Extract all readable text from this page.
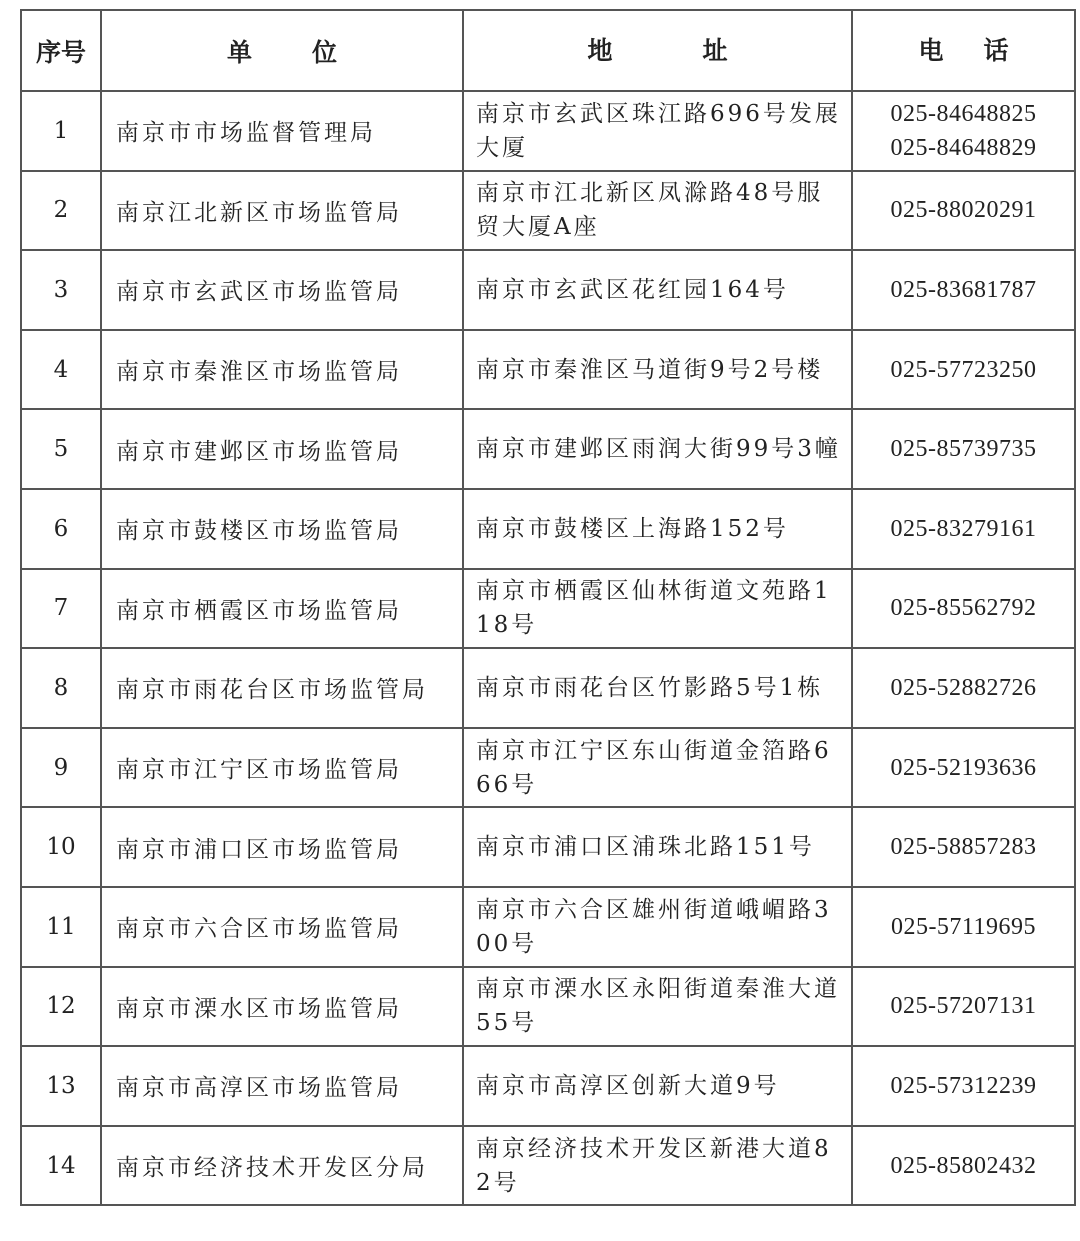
序号	单位	地址	电话
1	南京市市场监督管理局	南京市玄武区珠江路696号发展大厦	025-84648825
025-84648829

2	南京江北新区市场监管局	南京市江北新区凤滁路48号服贸大厦A座	025-88020291

3	南京市玄武区市场监管局	南京市玄武区花红园164号	025-83681787

4	南京市秦淮区市场监管局	南京市秦淮区马道街9号2号楼	025-57723250

5	南京市建邺区市场监管局	南京市建邺区雨润大街99号3幢	025-85739735

6	南京市鼓楼区市场监管局	南京市鼓楼区上海路152号	025-83279161

7	南京市栖霞区市场监管局	南京市栖霞区仙林街道文苑路118号	025-85562792

8	南京市雨花台区市场监管局	南京市雨花台区竹影路5号1栋	025-52882726

9	南京市江宁区市场监管局	南京市江宁区东山街道金箔路666号	025-52193636

10	南京市浦口区市场监管局	南京市浦口区浦珠北路151号	025-58857283

11	南京市六合区市场监管局	南京市六合区雄州街道峨嵋路300号	025-57119695

12	南京市溧水区市场监管局	南京市溧水区永阳街道秦淮大道55号	025-57207131

13	南京市高淳区市场监管局	南京市高淳区创新大道9号	025-57312239

14	南京市经济技术开发区分局	南京经济技术开发区新港大道82号	025-85802432
